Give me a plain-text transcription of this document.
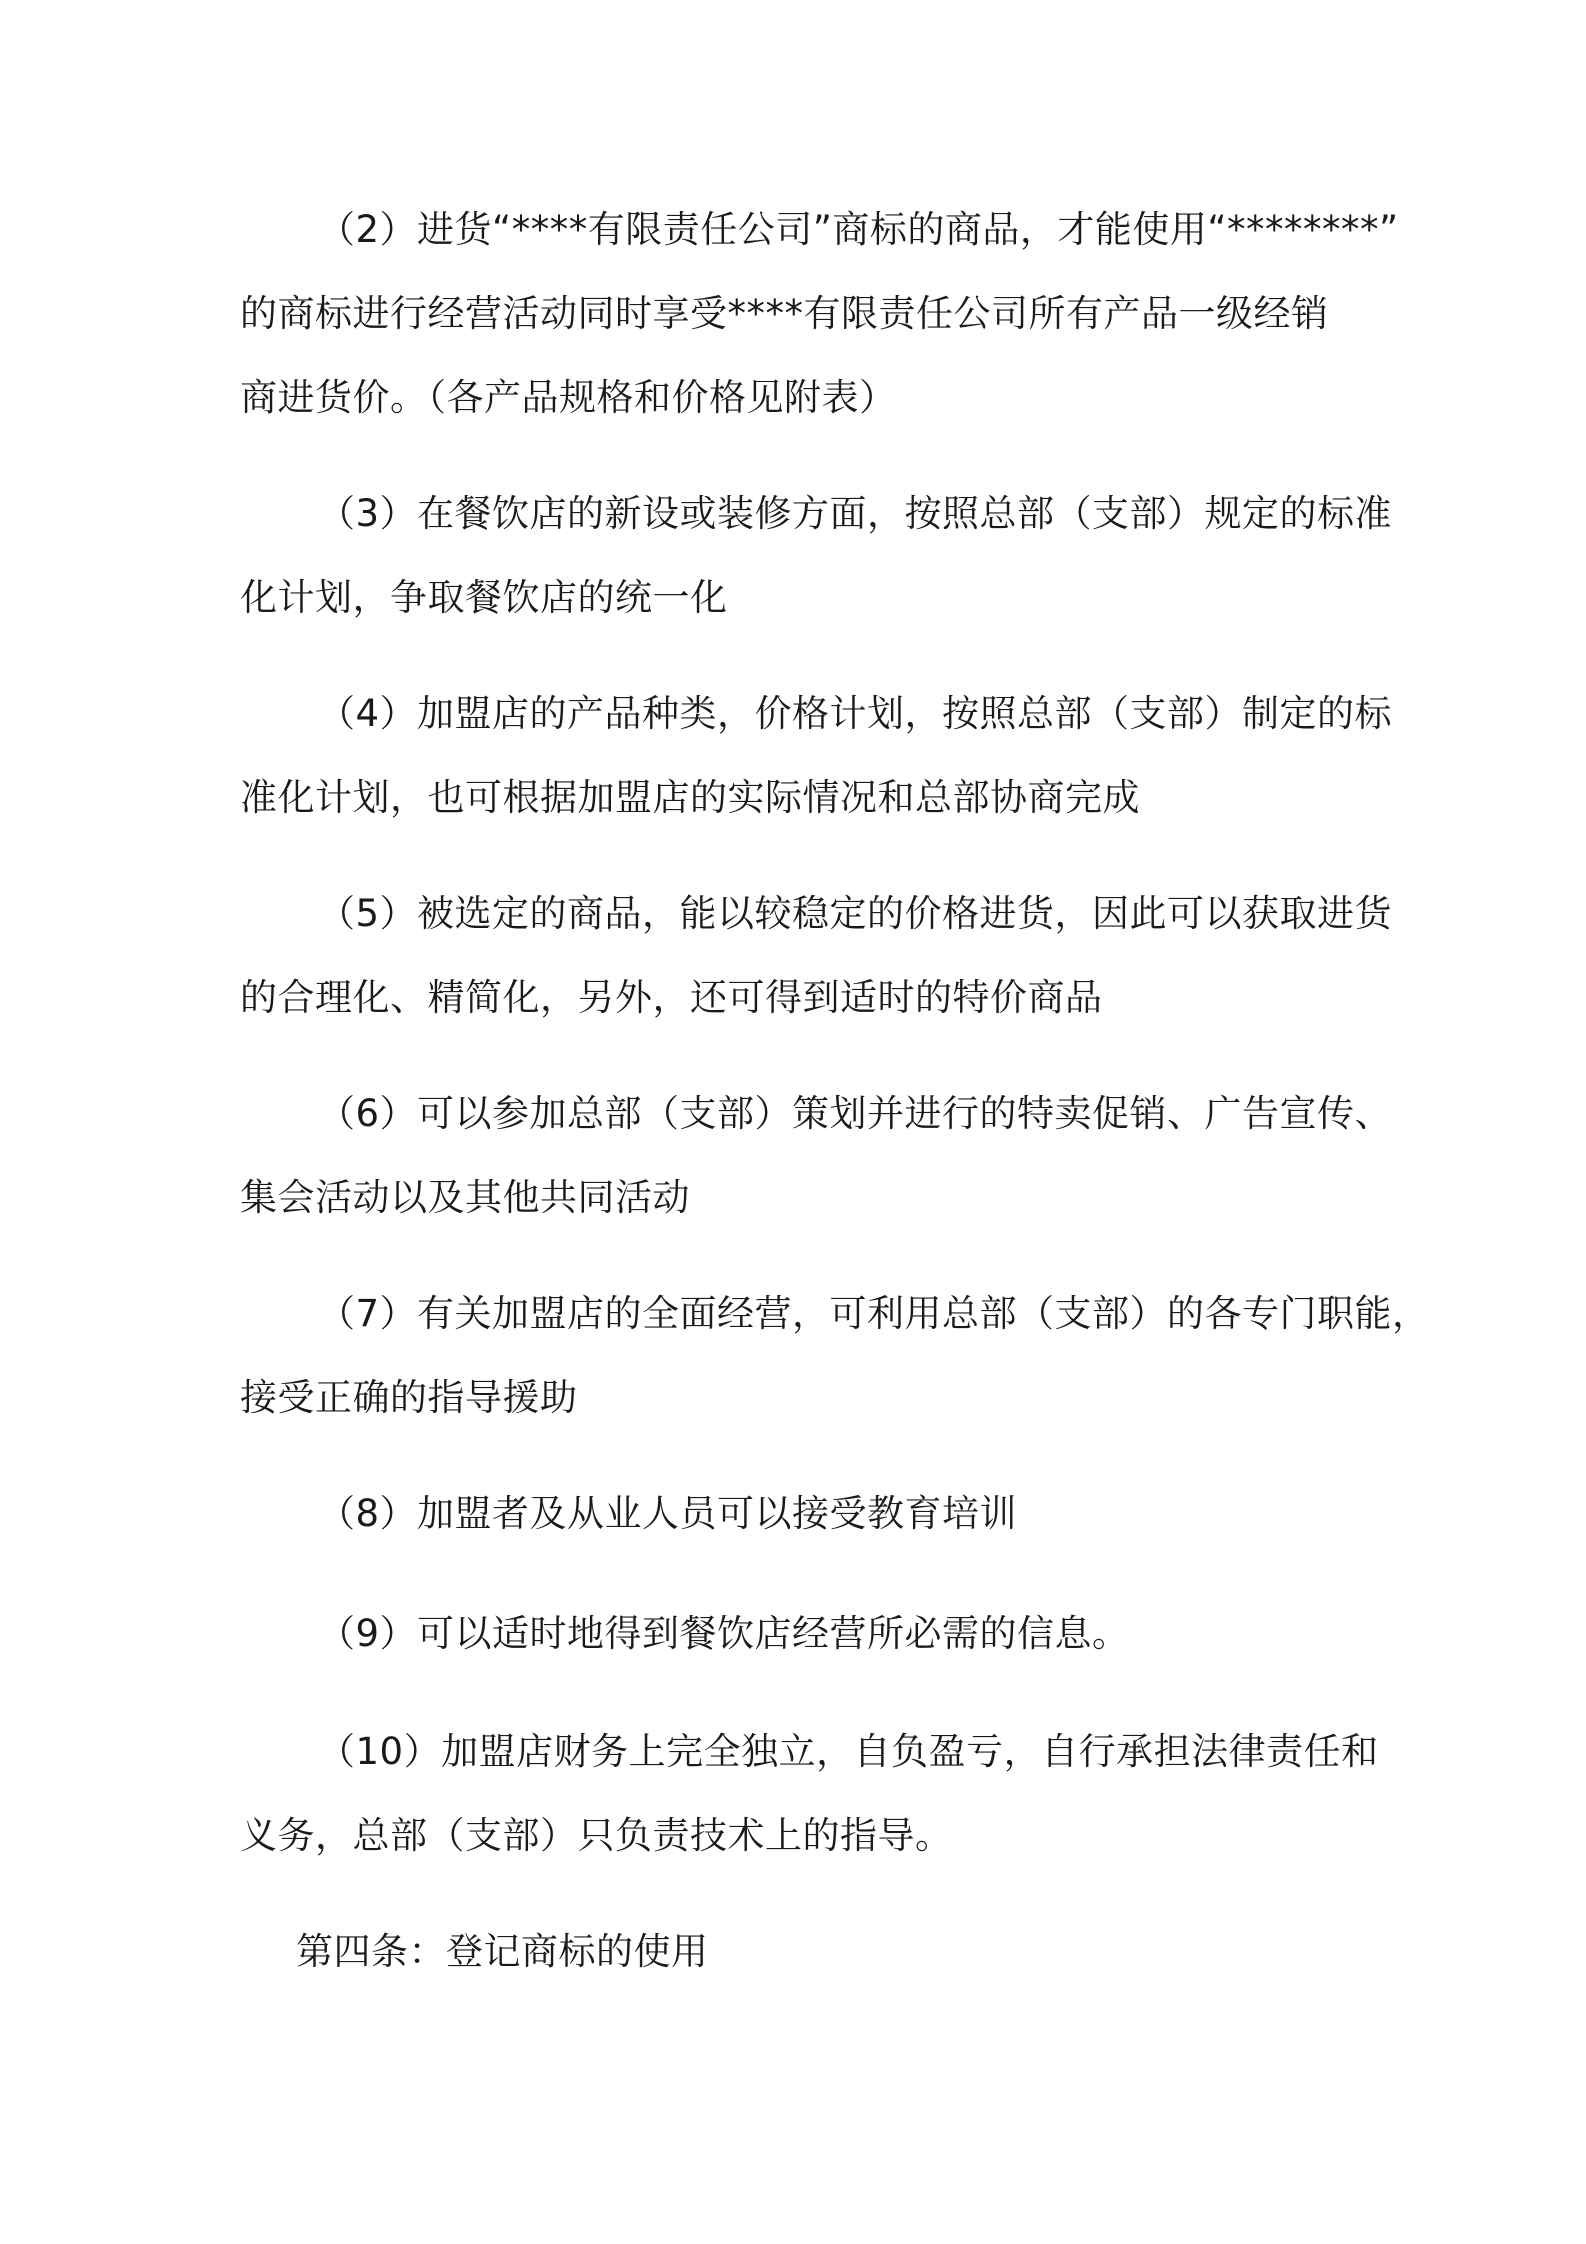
（2）进货“****有限责任公司”商标的商品，才能使用“********”
的商标进行经营活动同时享受****有限责任公司所有产品一级经销
商进货价。（各产品规格和价格见附表）

（3）在餐饮店的新设或装修方面，按照总部（支部）规定的标准
化计划，争取餐饮店的统一化

（4）加盟店的产品种类，价格计划，按照总部（支部）制定的标
准化计划，也可根据加盟店的实际情况和总部协商完成

（5）被选定的商品，能以较稳定的价格进货，因此可以获取进货
的合理化、精简化，另外，还可得到适时的特价商品

（6）可以参加总部（支部）策划并进行的特卖促销、广告宣传、
集会活动以及其他共同活动

（7）有关加盟店的全面经营，可利用总部（支部）的各专门职能，
接受正确的指导援助

（8）加盟者及从业人员可以接受教育培训

（9）可以适时地得到餐饮店经营所必需的信息。

（10）加盟店财务上完全独立，自负盈亏，自行承担法律责任和
义务，总部（支部）只负责技术上的指导。

第四条：登记商标的使用
